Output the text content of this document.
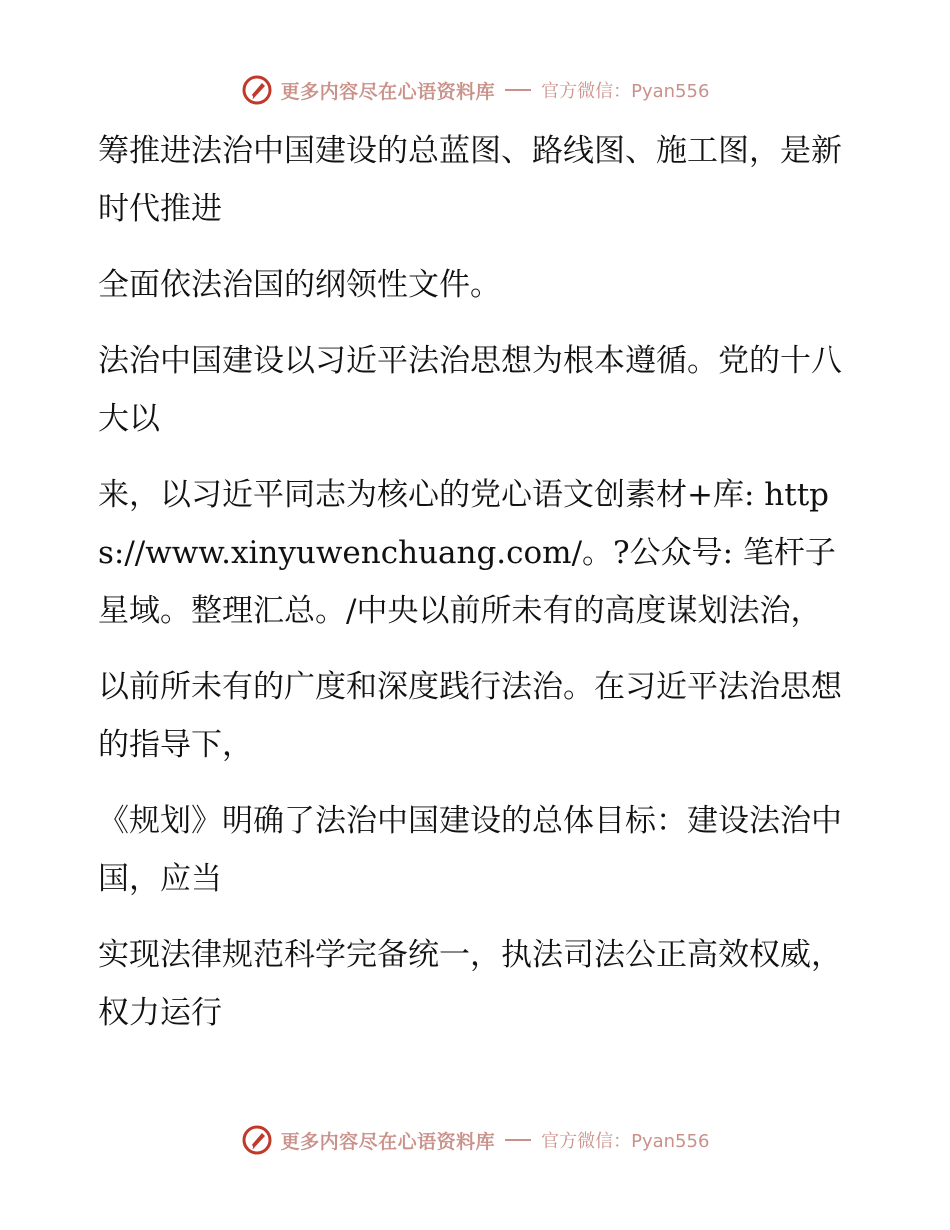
更多内容尽在心语资料库	官方微信：Pyan556

筹推进法治中国建设的总蓝图、路线图、施工图，是新时代推进

全面依法治国的纲领性文件。

法治中国建设以习近平法治思想为根本遵循。党的十八大以

来，以习近平同志为核心的党心语文创素材+库: https://www.xinyuwenchuang.com/。?公众号: 笔杆子星域。整理汇总。/中央以前所未有的高度谋划法治，

以前所未有的广度和深度践行法治。在习近平法治思想的指导下，

《规划》明确了法治中国建设的总体目标：建设法治中国，应当

实现法律规范科学完备统一，执法司法公正高效权威，权力运行

更多内容尽在心语资料库	官方微信：Pyan556
